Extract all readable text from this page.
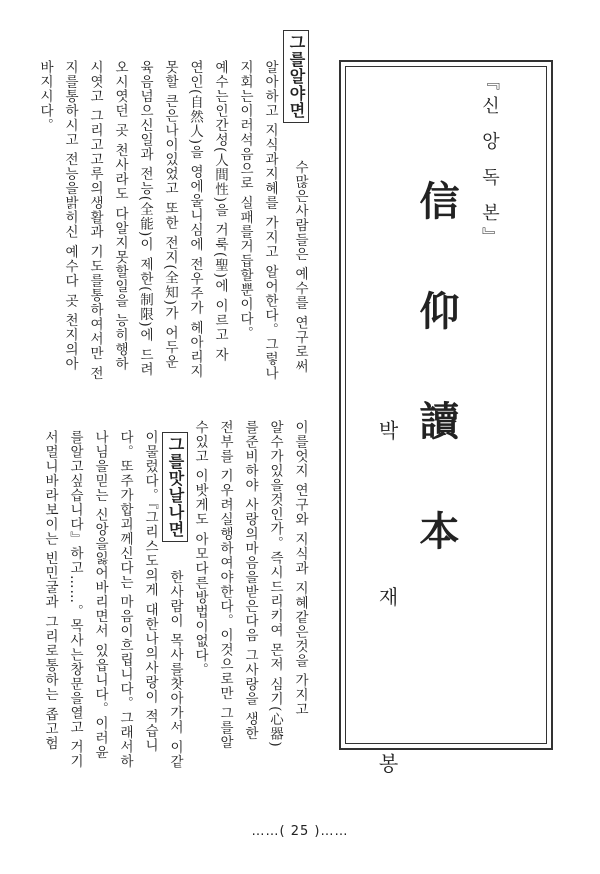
『신 앙 독 본』
信 仰 讀 本
박 재 봉
그를알야면
수많은사람들은 예수를 연구로써
알아하고 지식과지혜를 가지고 알어한다。그렇나
지회는이러석음으로 실패를거듭할뿐이다。
예수는인간성(人間性)을 거룩(聖)에 이르고 자
연인(自然人)을 영에울니심에 전우주가 헤아리지
못할 큰은나이있었고 또한 전지(全知)가 어두운
육음넘으신일과 전능(全能)이 제한(制限)에 드려
오시엿던 곳 천사라도 다알지못할일을 능히행하
시엿고 그리고고루의생활과 기도를통하여서만 전
지를통하시고 전능을밝히신 예수다 곳 천지의아
바지시다。
이를엇지 연구와 지식과 지혜같은것을 가지고
알수가있을것인가。즉시드리키여 몬저 심기(心器)
를준비하야 사랑의마음을받은다음 그사랑을 생한
전부를 기우려실행하여야한다。이것으로만 그를알
수있고 이밧게도 아모다른방법이없다。
그를맛날나면
한사람이 목사를찻아가서 이같
이물렀다。『그리스도의게 대한나의사랑이 적습니
다。또주가합괴께신다는 마음이흐립니다。그래서하
나님을믿는 신앙을잃어바리면서 있읍니다。이러윤
를알고싶습니다』하고……。목사는창문을열고 거기
서멀니바라보이는 빈민굴과 그리로통하는 좁고험
……( 25 )……
